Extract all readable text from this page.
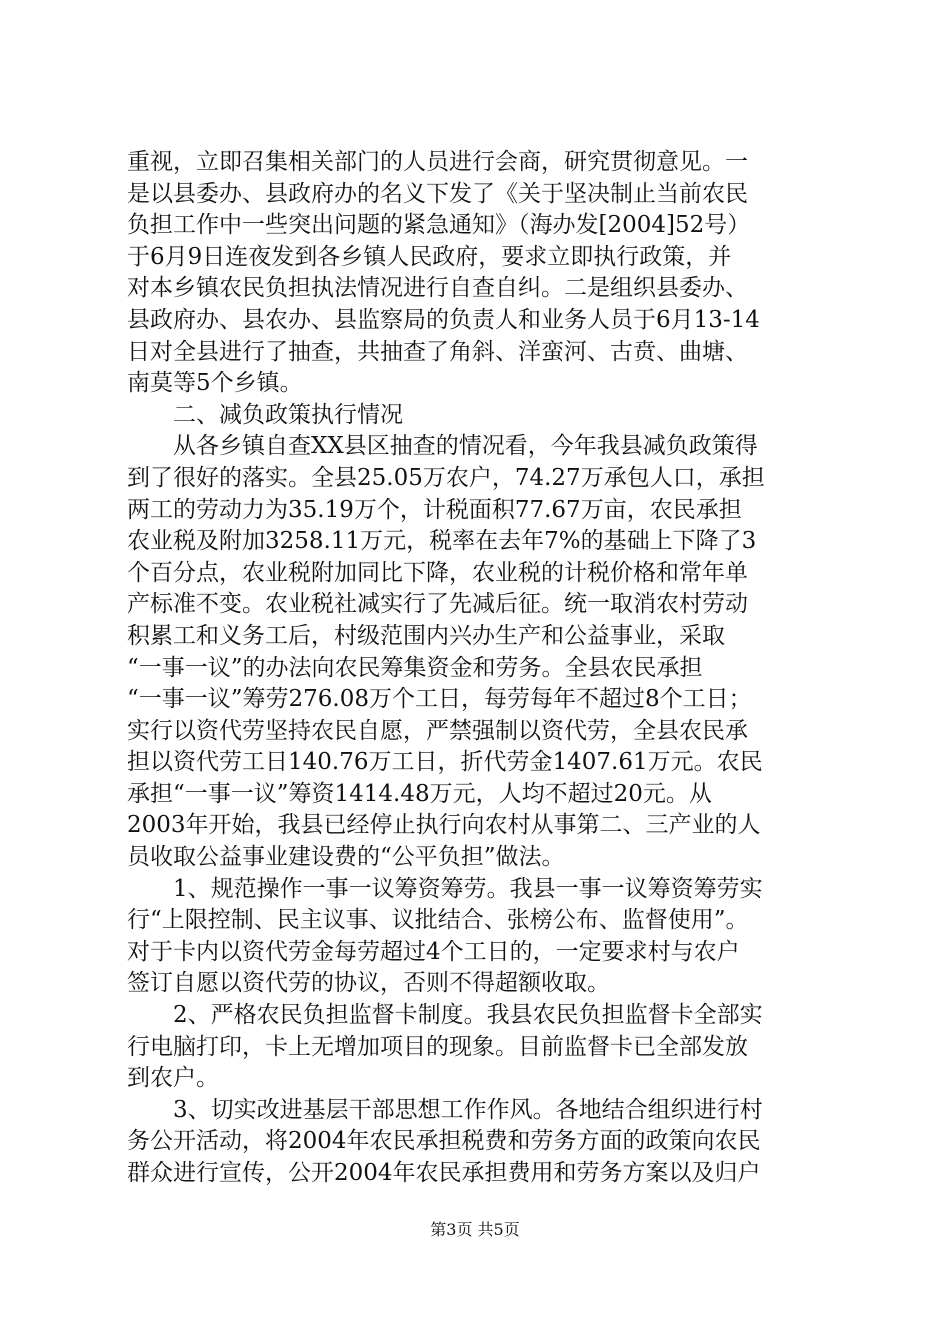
重视，立即召集相关部门的人员进行会商，研究贯彻意见。一
是以县委办、县政府办的名义下发了《关于坚决制止当前农民
负担工作中一些突出问题的紧急通知》（海办发[2004]52号）
于6月9日连夜发到各乡镇人民政府，要求立即执行政策，并
对本乡镇农民负担执法情况进行自查自纠。二是组织县委办、
县政府办、县农办、县监察局的负责人和业务人员于6月13-14
日对全县进行了抽查，共抽查了角斜、洋蛮河、古贲、曲塘、
南莫等5个乡镇。
二、减负政策执行情况
从各乡镇自查XX县区抽查的情况看，今年我县减负政策得
到了很好的落实。全县25.05万农户，74.27万承包人口，承担
两工的劳动力为35.19万个，计税面积77.67万亩，农民承担
农业税及附加3258.11万元，税率在去年7%的基础上下降了3
个百分点，农业税附加同比下降，农业税的计税价格和常年单
产标准不变。农业税社减实行了先减后征。统一取消农村劳动
积累工和义务工后，村级范围内兴办生产和公益事业，采取
“一事一议”的办法向农民筹集资金和劳务。全县农民承担
“一事一议”筹劳276.08万个工日，每劳每年不超过8个工日；
实行以资代劳坚持农民自愿，严禁强制以资代劳，全县农民承
担以资代劳工日140.76万工日，折代劳金1407.61万元。农民
承担“一事一议”筹资1414.48万元，人均不超过20元。从
2003年开始，我县已经停止执行向农村从事第二、三产业的人
员收取公益事业建设费的“公平负担”做法。
1、规范操作一事一议筹资筹劳。我县一事一议筹资筹劳实
行“上限控制、民主议事、议批结合、张榜公布、监督使用”。
对于卡内以资代劳金每劳超过4个工日的，一定要求村与农户
签订自愿以资代劳的协议，否则不得超额收取。
2、严格农民负担监督卡制度。我县农民负担监督卡全部实
行电脑打印，卡上无增加项目的现象。目前监督卡已全部发放
到农户。
3、切实改进基层干部思想工作作风。各地结合组织进行村
务公开活动，将2004年农民承担税费和劳务方面的政策向农民
群众进行宣传，公开2004年农民承担费用和劳务方案以及归户
第3页 共5页
